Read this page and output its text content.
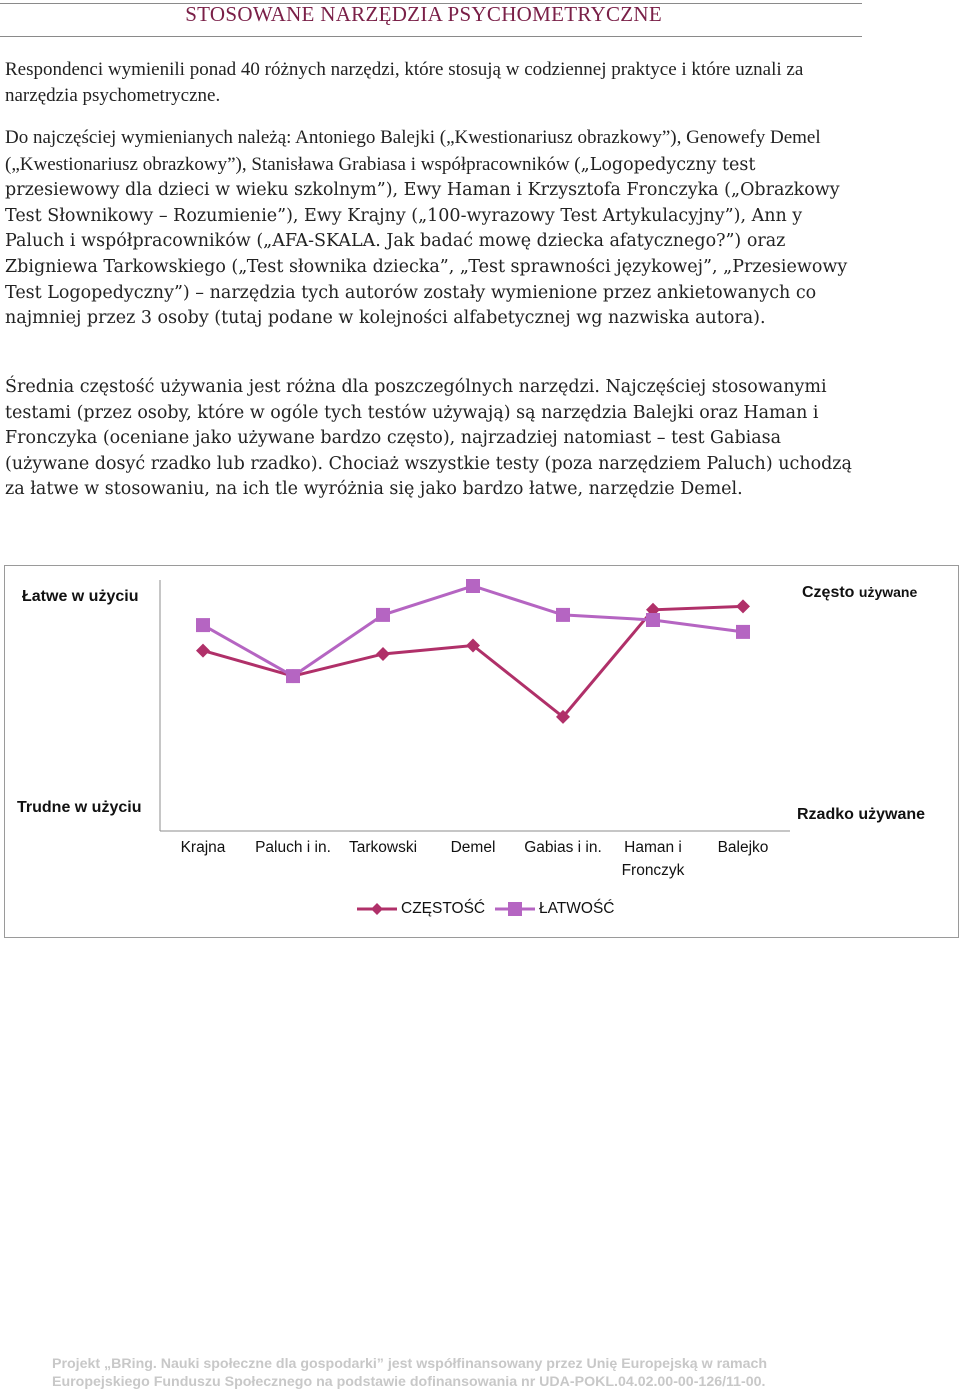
STOSOWANE NARZĘDZIA PSYCHOMETRYCZNE

Respondenci wymienili ponad 40 różnych narzędzi, które stosują w codziennej praktyce i które uznali za narzędzia psychometryczne.

Do najczęściej wymienianych należą: Antoniego Balejki („Kwestionariusz obrazkowy”), Genowefy Demel („Kwestionariusz obrazkowy”), Stanisława Grabiasa i współpracowników („Logopedyczny test przesiewowy dla dzieci w wieku szkolnym”), Ewy Haman i Krzysztofa Fronczyka („Obrazkowy Test Słownikowy – Rozumienie”), Ewy Krajny („100-wyrazowy Test Artykulacyjny”), Ann y Paluch i współpracowników („AFA-SKALA. Jak badać mowę dziecka afatycznego?”) oraz Zbigniewa Tarkowskiego („Test słownika dziecka”, „Test sprawności językowej”, „Przesiewowy Test Logopedyczny”) – narzędzia tych autorów zostały wymienione przez ankietowanych co najmniej przez 3 osoby (tutaj podane w kolejności alfabetycznej wg nazwiska autora).

Średnia częstość używania jest różna dla poszczególnych narzędzi. Najczęściej stosowanymi testami (przez osoby, które w ogóle tych testów używają) są narzędzia Balejki oraz Haman i Fronczyka (oceniane jako używane bardzo często), najrzadziej natomiast – test Gabiasa (używane dosyć rzadko lub rzadko). Chociaż wszystkie testy (poza narzędziem Paluch) uchodzą za łatwe w stosowaniu, na ich tle wyróżnia się jako bardzo łatwe, narzędzie Demel.

Łatwe w użyciu	Często używane
Trudne w użyciu	Rzadko używane
Krajna	Paluch i in.	Tarkowski	Demel	Gabias i in.	Haman i
Fronczyk
Balejko
CZĘSTOŚĆ	ŁATWOŚĆ
Projekt „BRing. Nauki społeczne dla gospodarki” jest współfinansowany przez Unię Europejską w ramach
Europejskiego Funduszu Społecznego na podstawie dofinansowania nr UDA-POKL.04.02.00-00-126/11-00.
